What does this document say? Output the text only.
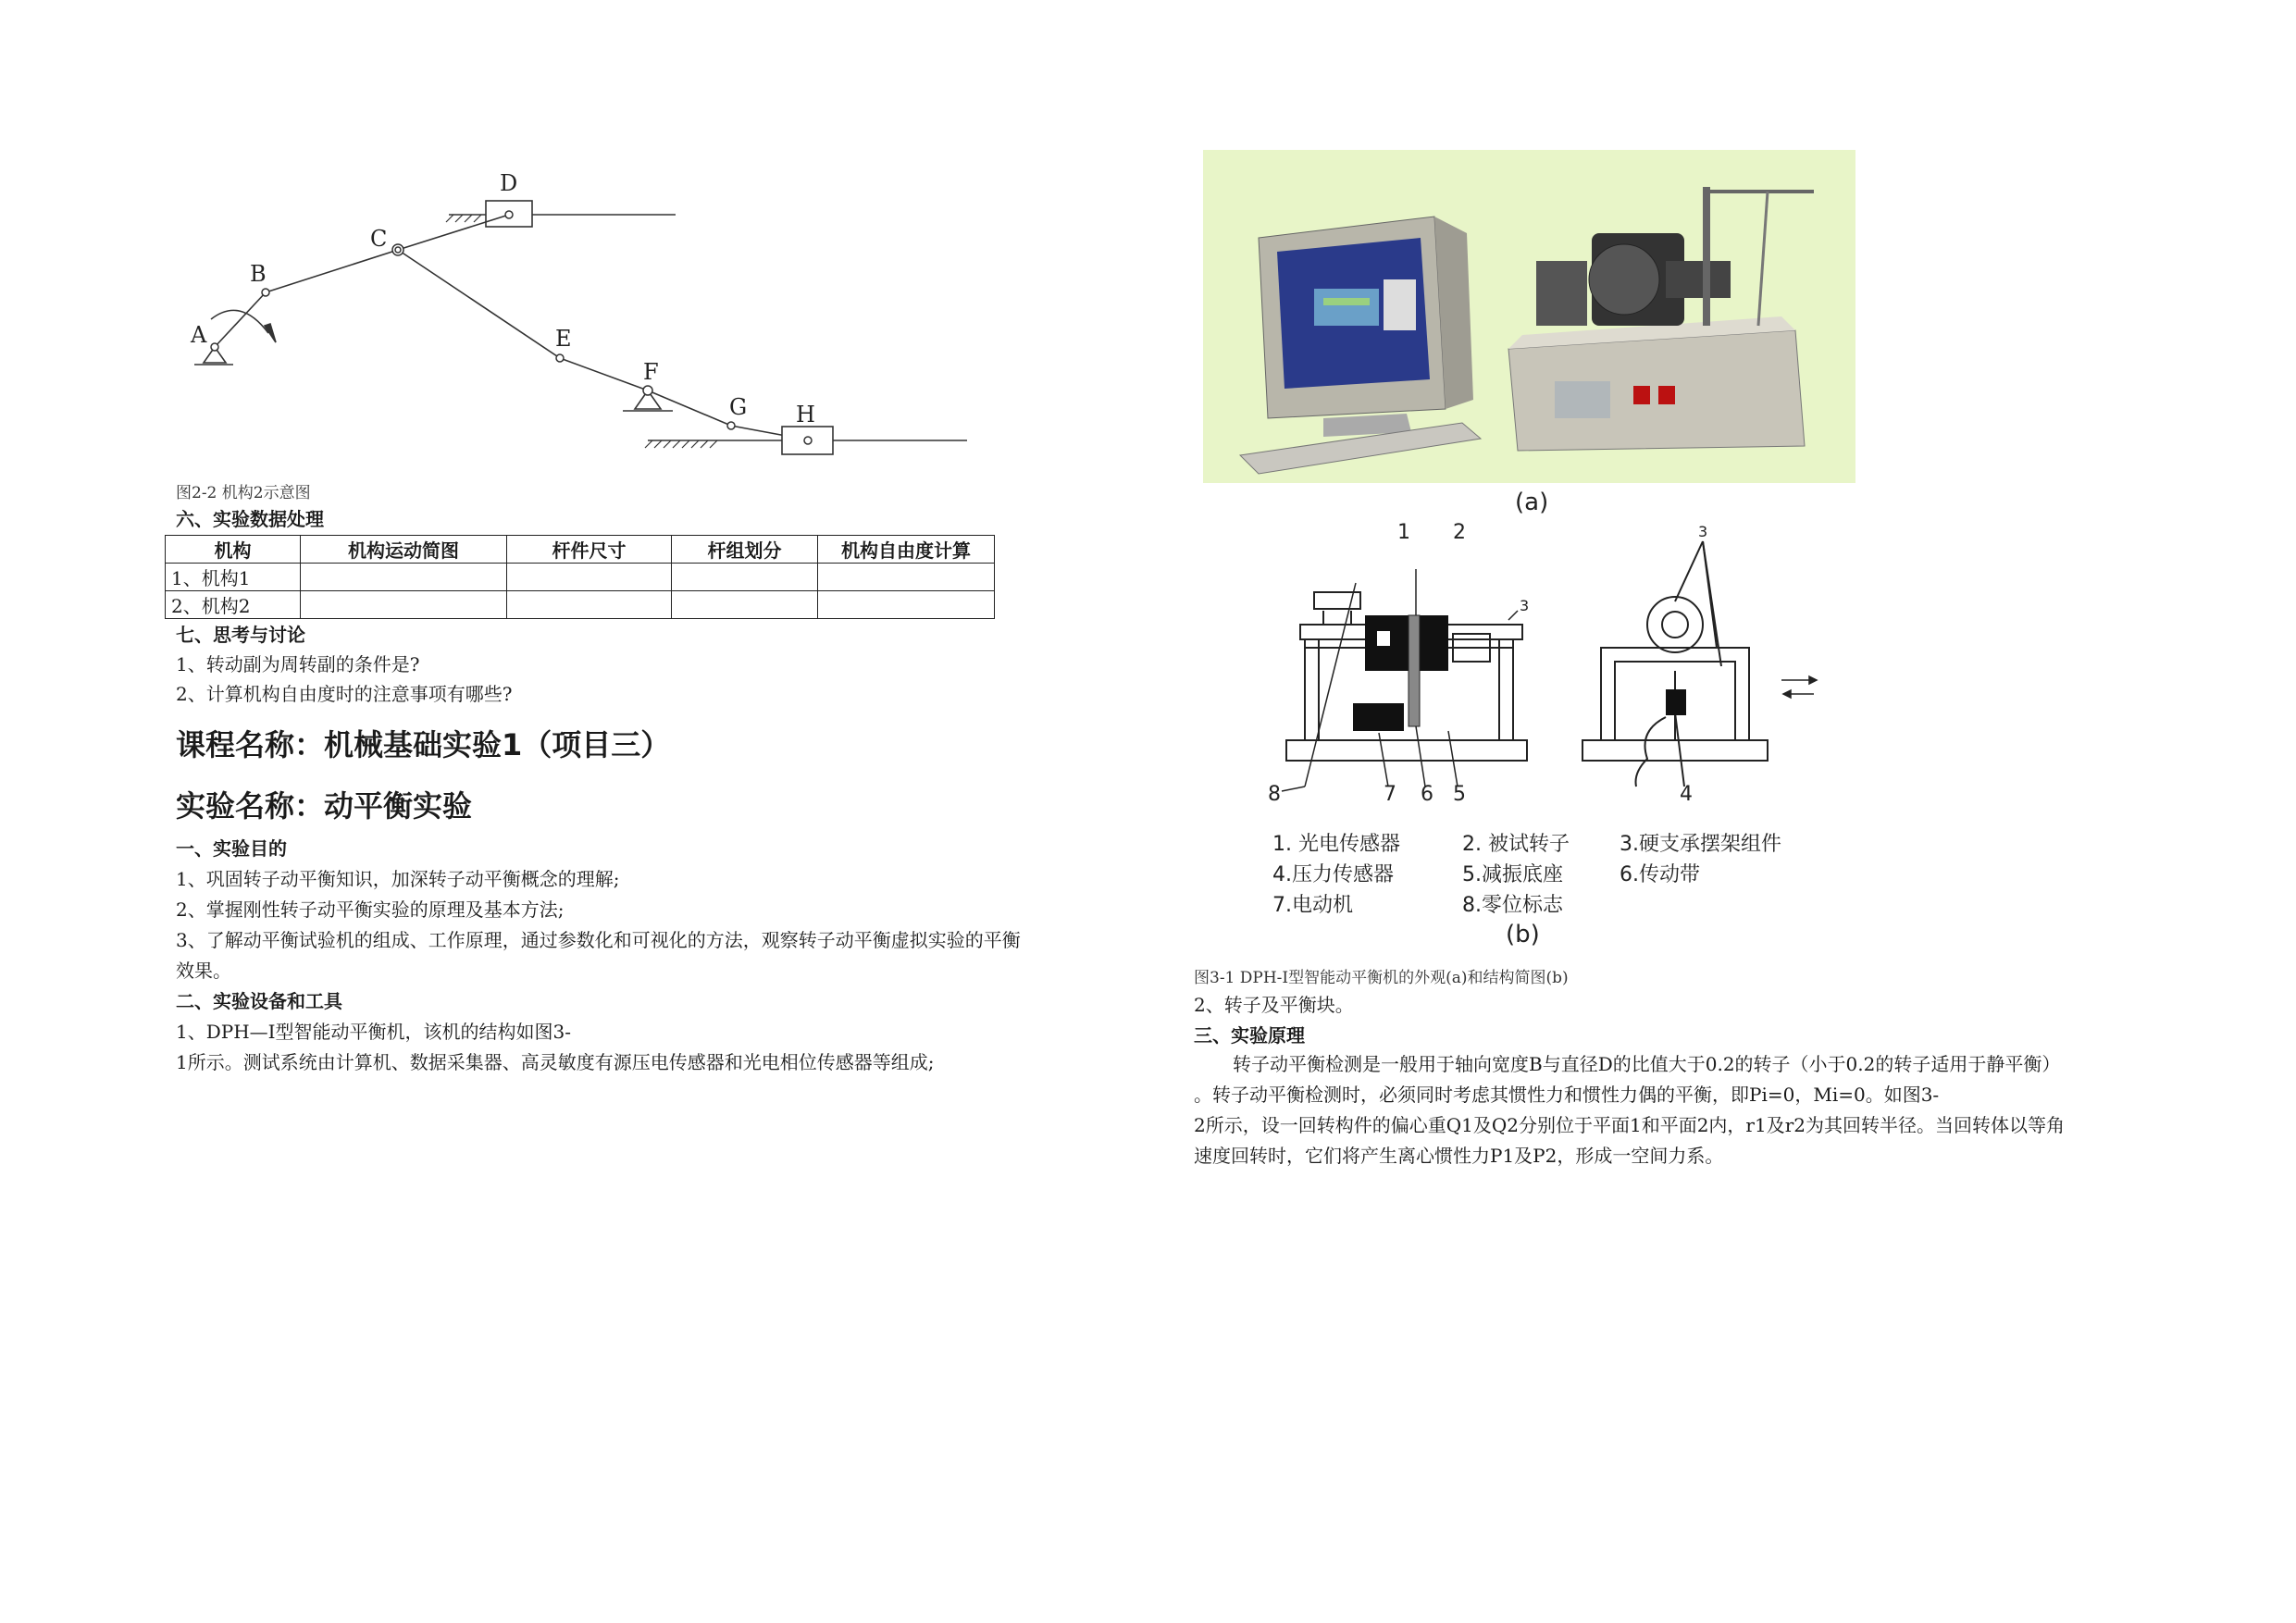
D
C
B
A	E
F
G H
图2-2 机构2示意图
六、实验数据处理
机构	机构运动简图	杆件尺寸	杆组划分	机构自由度计算
1、机构1				
2、机构2				
七、思考与讨论
1、转动副为周转副的条件是?
2、计算机构自由度时的注意事项有哪些?
课程名称：机械基础实验1（项目三）
实验名称：动平衡实验
一、实验目的
1、巩固转子动平衡知识，加深转子动平衡概念的理解;
2、掌握刚性转子动平衡实验的原理及基本方法;
3、了解动平衡试验机的组成、工作原理，通过参数化和可视化的方法，观察转子动平衡虚拟实验的平衡
效果。
二、实验设备和工具
1、DPH—I型智能动平衡机，该机的结构如图3-
1所示。测试系统由计算机、数据采集器、高灵敏度有源压电传感器和光电相位传感器等组成;
(a)
1 2
3
3
8	7 6 5	4
1. 光电传感器	2. 被试转子 3.硬支承摆架组件
4.压力传感器	5.减振底座	6.传动带
7.电动机	8.零位标志
(b)
图3-1 DPH-I型智能动平衡机的外观(a)和结构简图(b)
2、转子及平衡块。
三、实验原理
转子动平衡检测是一般用于轴向宽度B与直径D的比值大于0.2的转子（小于0.2的转子适用于静平衡）
。转子动平衡检测时，必须同时考虑其惯性力和惯性力偶的平衡，即Pi=0，Mi=0。如图3-
2所示，设一回转构件的偏心重Q1及Q2分别位于平面1和平面2内，r1及r2为其回转半径。当回转体以等角
速度回转时，它们将产生离心惯性力P1及P2，形成一空间力系。
